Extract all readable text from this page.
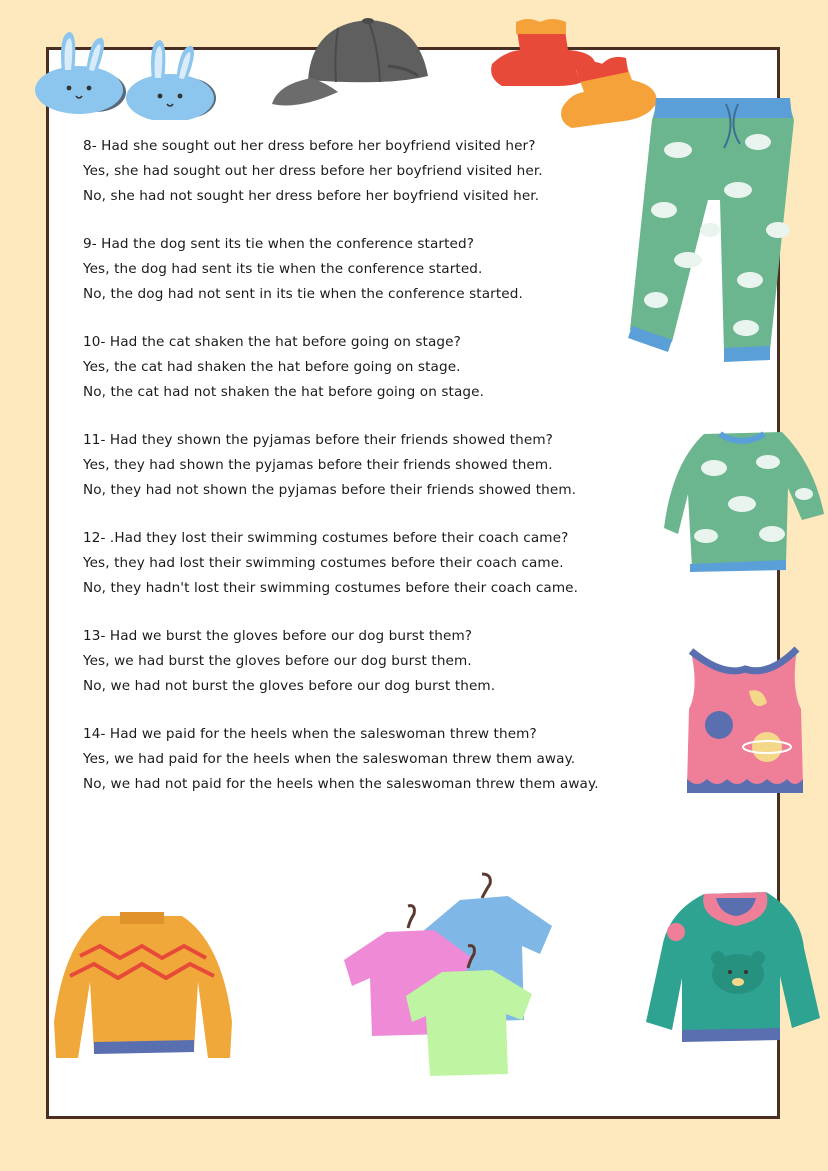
8- Had she sought out her dress before her boyfriend visited her?
Yes, she had sought out her dress before her boyfriend visited her.
No, she had not sought her dress before her boyfriend visited her.
9- Had the dog sent its tie when the conference started?
Yes, the dog had sent its tie when the conference started.
No, the dog had not sent in its tie when the conference started.
10- Had the cat shaken the hat before going on stage?
Yes, the cat had shaken the hat before going on stage.
No, the cat had not shaken the hat before going on stage.
11- Had they shown the pyjamas before their friends showed them?
Yes, they had shown the pyjamas before their friends showed them.
No, they had not shown the pyjamas before their friends showed them.
12- .Had they lost their swimming costumes before their coach came?
Yes, they had lost their swimming costumes before their coach came.
No, they hadn't lost their swimming costumes before their coach came.
13- Had we burst the gloves before our dog burst them?
Yes, we had burst the gloves before our dog burst them.
No, we had not burst the gloves before our dog burst them.
14- Had we paid for the heels when the saleswoman threw them?
Yes, we had paid for the heels when the saleswoman threw them away.
No, we had not paid for the heels when the saleswoman threw them away.
